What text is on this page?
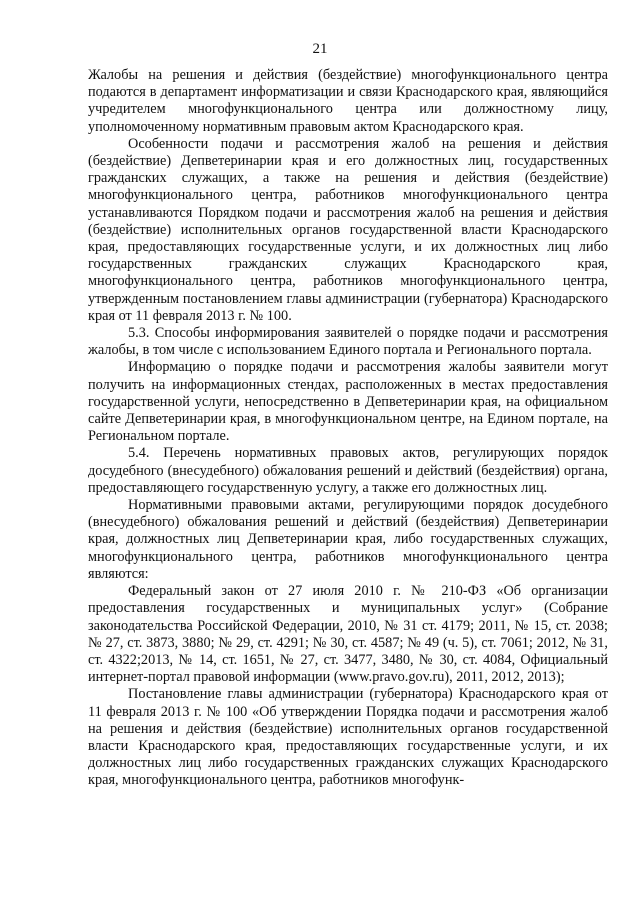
21

Жалобы на решения и действия (бездействие) многофункционального центра подаются в департамент информатизации и связи Краснодарского края, являющийся учредителем многофункционального центра или должностному лицу, уполномоченному нормативным правовым актом Краснодарского края.

Особенности подачи и рассмотрения жалоб на решения и действия (бездействие) Депветеринарии края и его должностных лиц, государственных гражданских служащих, а также на решения и действия (бездействие) многофункционального центра, работников многофункционального центра устанавливаются Порядком подачи и рассмотрения жалоб на решения и действия (бездействие) исполнительных органов государственной власти Краснодарского края, предоставляющих государственные услуги, и их должностных лиц либо государственных гражданских служащих Краснодарского края, многофункционального центра, работников многофункционального центра, утвержденным постановлением главы администрации (губернатора) Краснодарского края от 11 февраля 2013 г. № 100.

5.3. Способы информирования заявителей о порядке подачи и рассмотрения жалобы, в том числе с использованием Единого портала и Регионального портала.

Информацию о порядке подачи и рассмотрения жалобы заявители могут получить на информационных стендах, расположенных в местах предоставления государственной услуги, непосредственно в Депветеринарии края, на официальном сайте Депветеринарии края, в многофункциональном центре, на Едином портале, на Региональном портале.

5.4. Перечень нормативных правовых актов, регулирующих порядок досудебного (внесудебного) обжалования решений и действий (бездействия) органа, предоставляющего государственную услугу, а также его должностных лиц.

Нормативными правовыми актами, регулирующими порядок досудебного (внесудебного) обжалования решений и действий (бездействия) Депветеринарии края, должностных лиц Депветеринарии края, либо государственных служащих, многофункционального центра, работников многофункционального центра являются:

Федеральный закон от 27 июля 2010 г. № 210-ФЗ «Об организации предоставления государственных и муниципальных услуг» (Собрание законодательства Российской Федерации, 2010, № 31 ст. 4179; 2011, № 15, ст. 2038; № 27, ст. 3873, 3880; № 29, ст. 4291; № 30, ст. 4587; № 49 (ч. 5), ст. 7061; 2012, № 31, ст. 4322;2013, № 14, ст. 1651, № 27, ст. 3477, 3480, № 30, ст. 4084, Официальный интернет-портал правовой информации (www.pravo.gov.ru), 2011, 2012, 2013);

Постановление главы администрации (губернатора) Краснодарского края от 11 февраля 2013 г. № 100 «Об утверждении Порядка подачи и рассмотрения жалоб на решения и действия (бездействие) исполнительных органов государственной власти Краснодарского края, предоставляющих государственные услуги, и их должностных лиц либо государственных гражданских служащих Краснодарского края, многофункционального центра, работников многофунк-
